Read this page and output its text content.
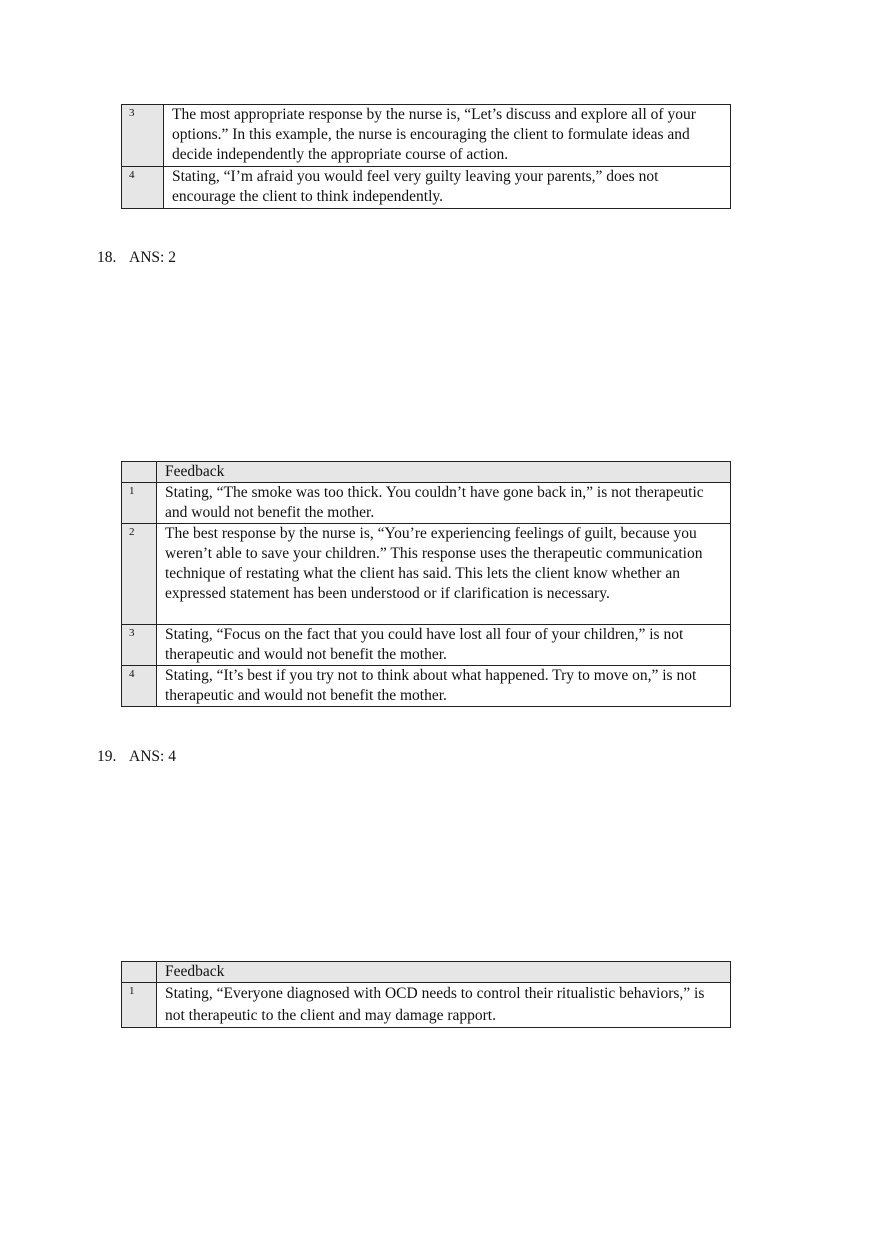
3	The most appropriate response by the nurse is, “Let’s discuss and explore all of your options.” In this example, the nurse is encouraging the client to formulate ideas and decide independently the appropriate course of action.
4	Stating, “I’m afraid you would feel very guilty leaving your parents,” does not encourage the client to think independently.
18. ANS: 2
	Feedback
1	Stating, “The smoke was too thick. You couldn’t have gone back in,” is not therapeutic and would not benefit the mother.
2	The best response by the nurse is, “You’re experiencing feelings of guilt, because you weren’t able to save your children.” This response uses the therapeutic communication technique of restating what the client has said. This lets the client know whether an expressed statement has been understood or if clarification is necessary.
3	Stating, “Focus on the fact that you could have lost all four of your children,” is not therapeutic and would not benefit the mother.
4	Stating, “It’s best if you try not to think about what happened. Try to move on,” is not therapeutic and would not benefit the mother.
19. ANS: 4
	Feedback
1	Stating, “Everyone diagnosed with OCD needs to control their ritualistic behaviors,” is not therapeutic to the client and may damage rapport.
